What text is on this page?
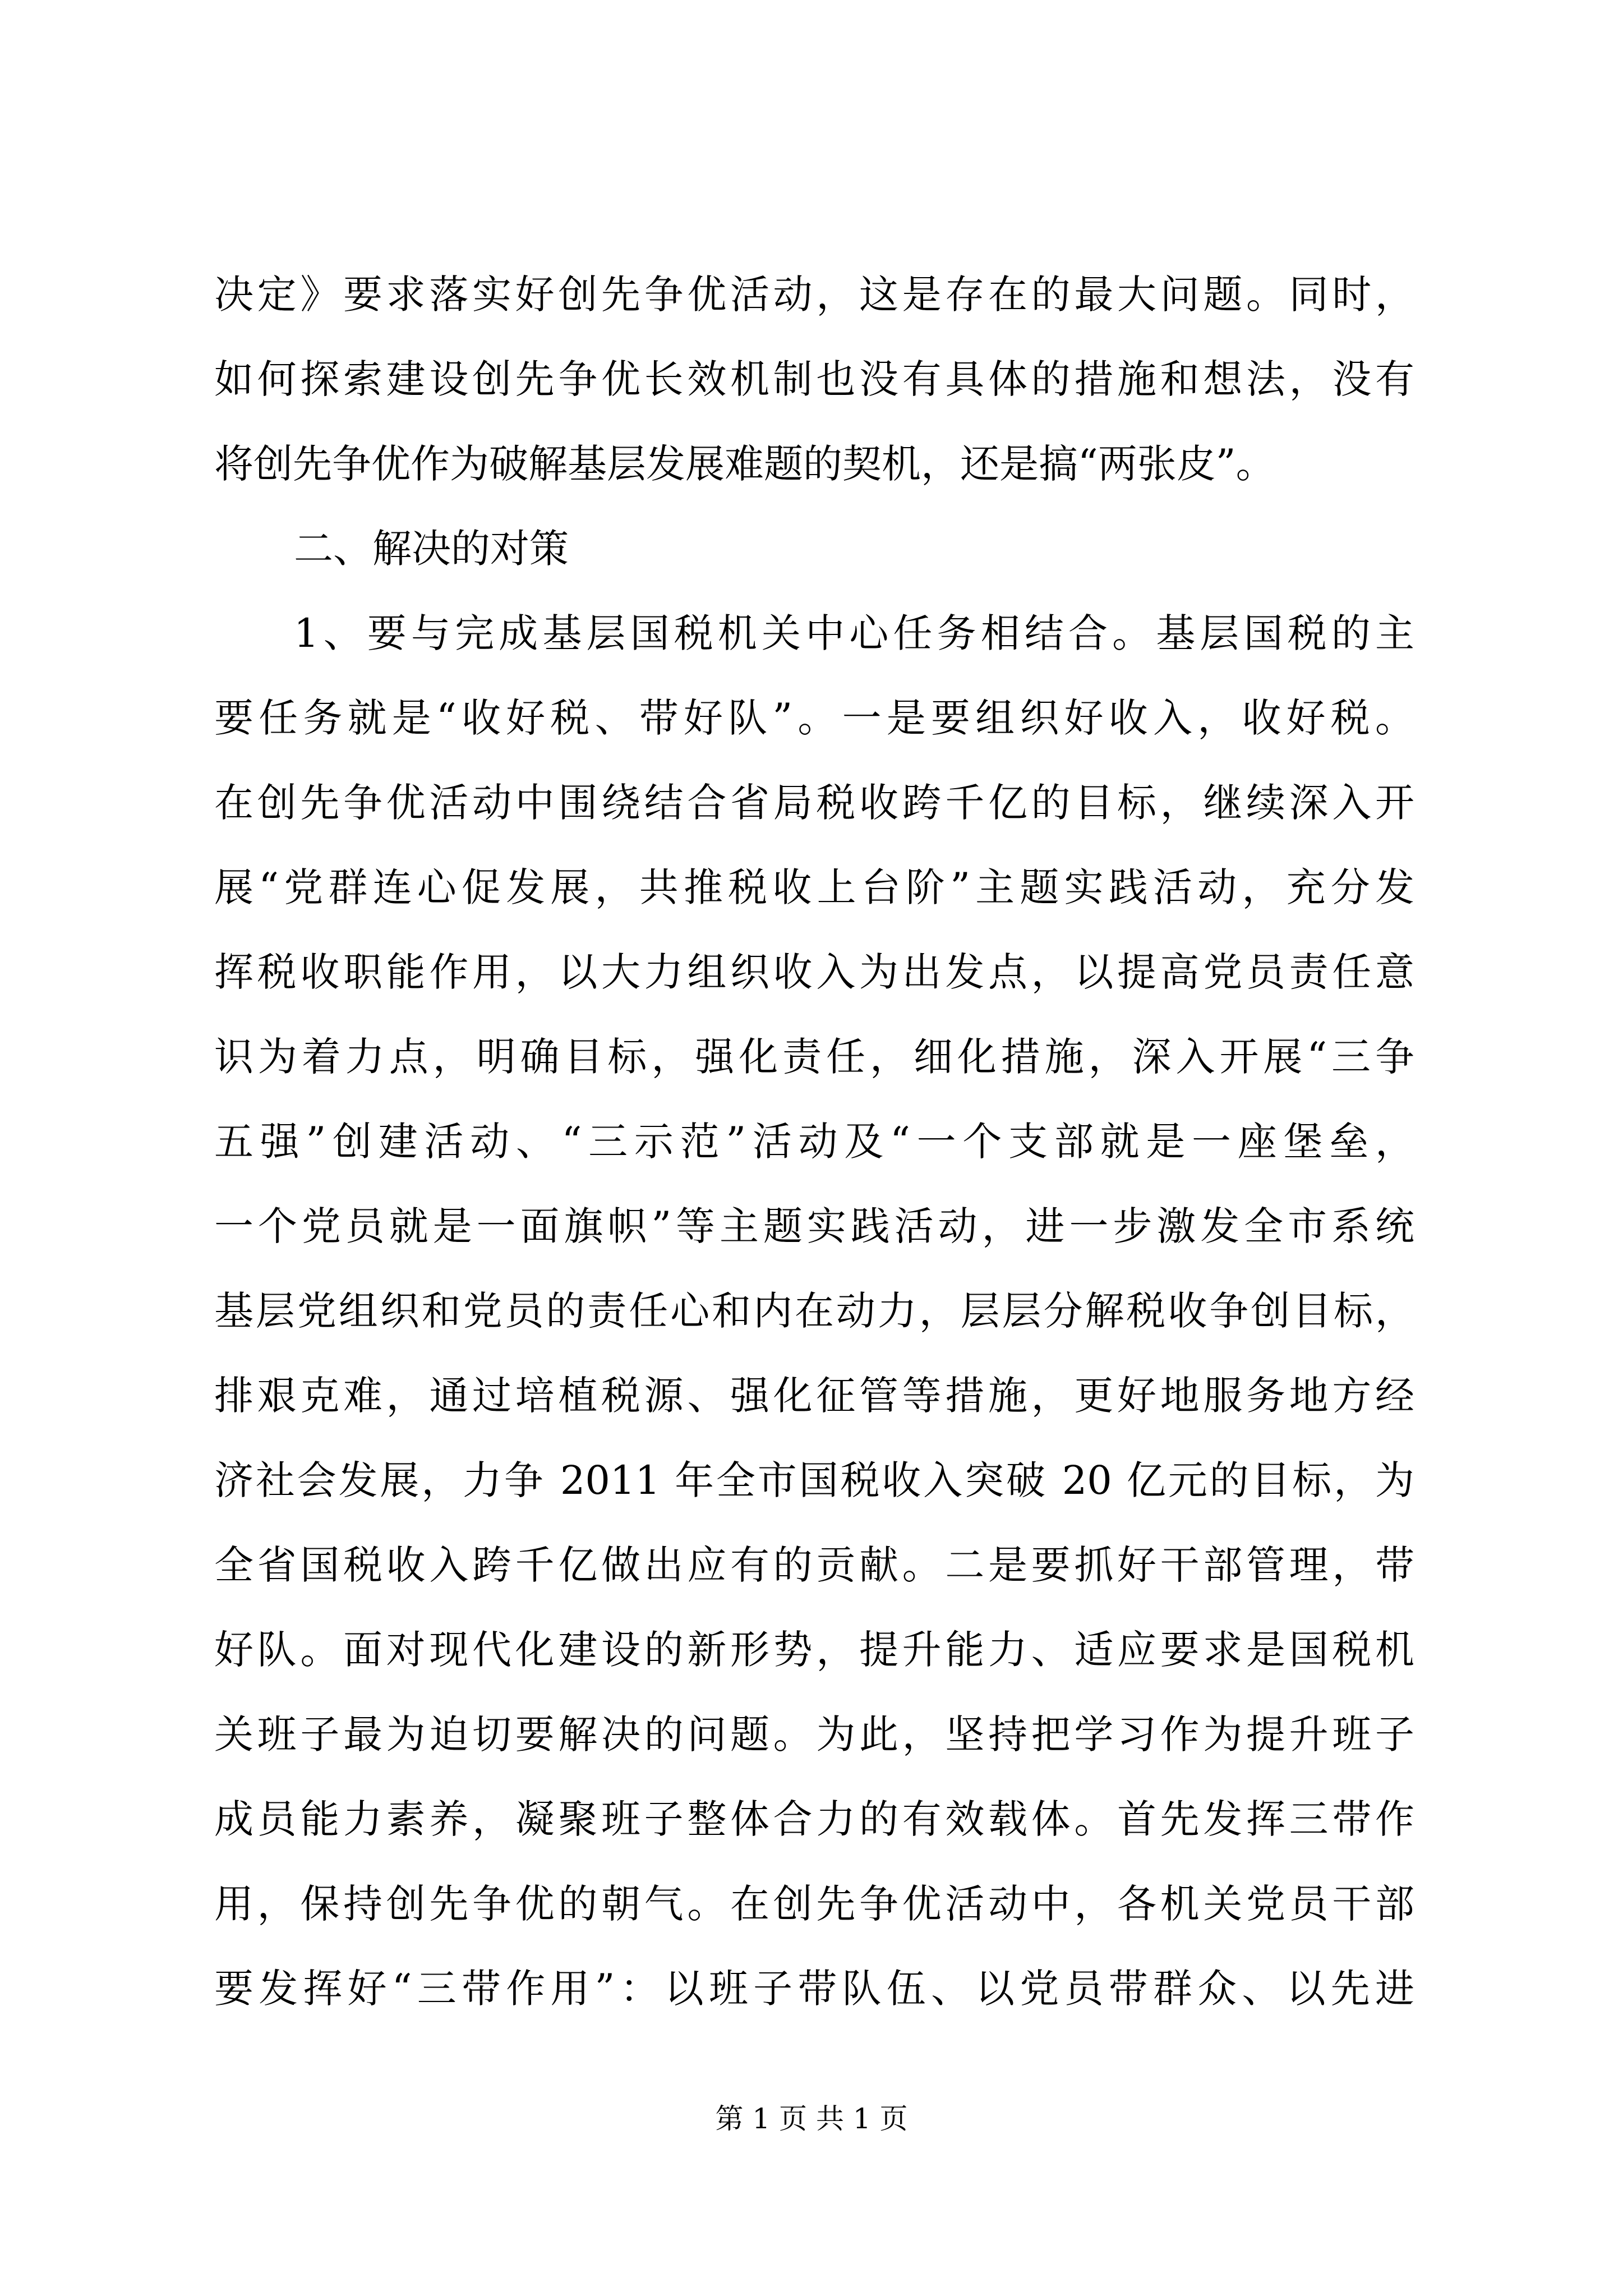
决定》要求落实好创先争优活动，这是存在的最大问题。同时，
如何探索建设创先争优长效机制也没有具体的措施和想法，没有
将创先争优作为破解基层发展难题的契机，还是搞“两张皮”。
二、解决的对策
1、要与完成基层国税机关中心任务相结合。基层国税的主
要任务就是“收好税、带好队”。一是要组织好收入，收好税。
在创先争优活动中围绕结合省局税收跨千亿的目标，继续深入开
展“党群连心促发展，共推税收上台阶”主题实践活动，充分发
挥税收职能作用，以大力组织收入为出发点，以提高党员责任意
识为着力点，明确目标，强化责任，细化措施，深入开展“三争
五强”创建活动、“三示范”活动及“一个支部就是一座堡垒，
一个党员就是一面旗帜”等主题实践活动，进一步激发全市系统
基层党组织和党员的责任心和内在动力，层层分解税收争创目标，
排艰克难，通过培植税源、强化征管等措施，更好地服务地方经
济社会发展，力争 2011 年全市国税收入突破 20 亿元的目标，为
全省国税收入跨千亿做出应有的贡献。二是要抓好干部管理，带
好队。面对现代化建设的新形势，提升能力、适应要求是国税机
关班子最为迫切要解决的问题。为此，坚持把学习作为提升班子
成员能力素养，凝聚班子整体合力的有效载体。首先发挥三带作
用，保持创先争优的朝气。在创先争优活动中，各机关党员干部
要发挥好“三带作用”：以班子带队伍、以党员带群众、以先进
第 1 页 共 1 页
